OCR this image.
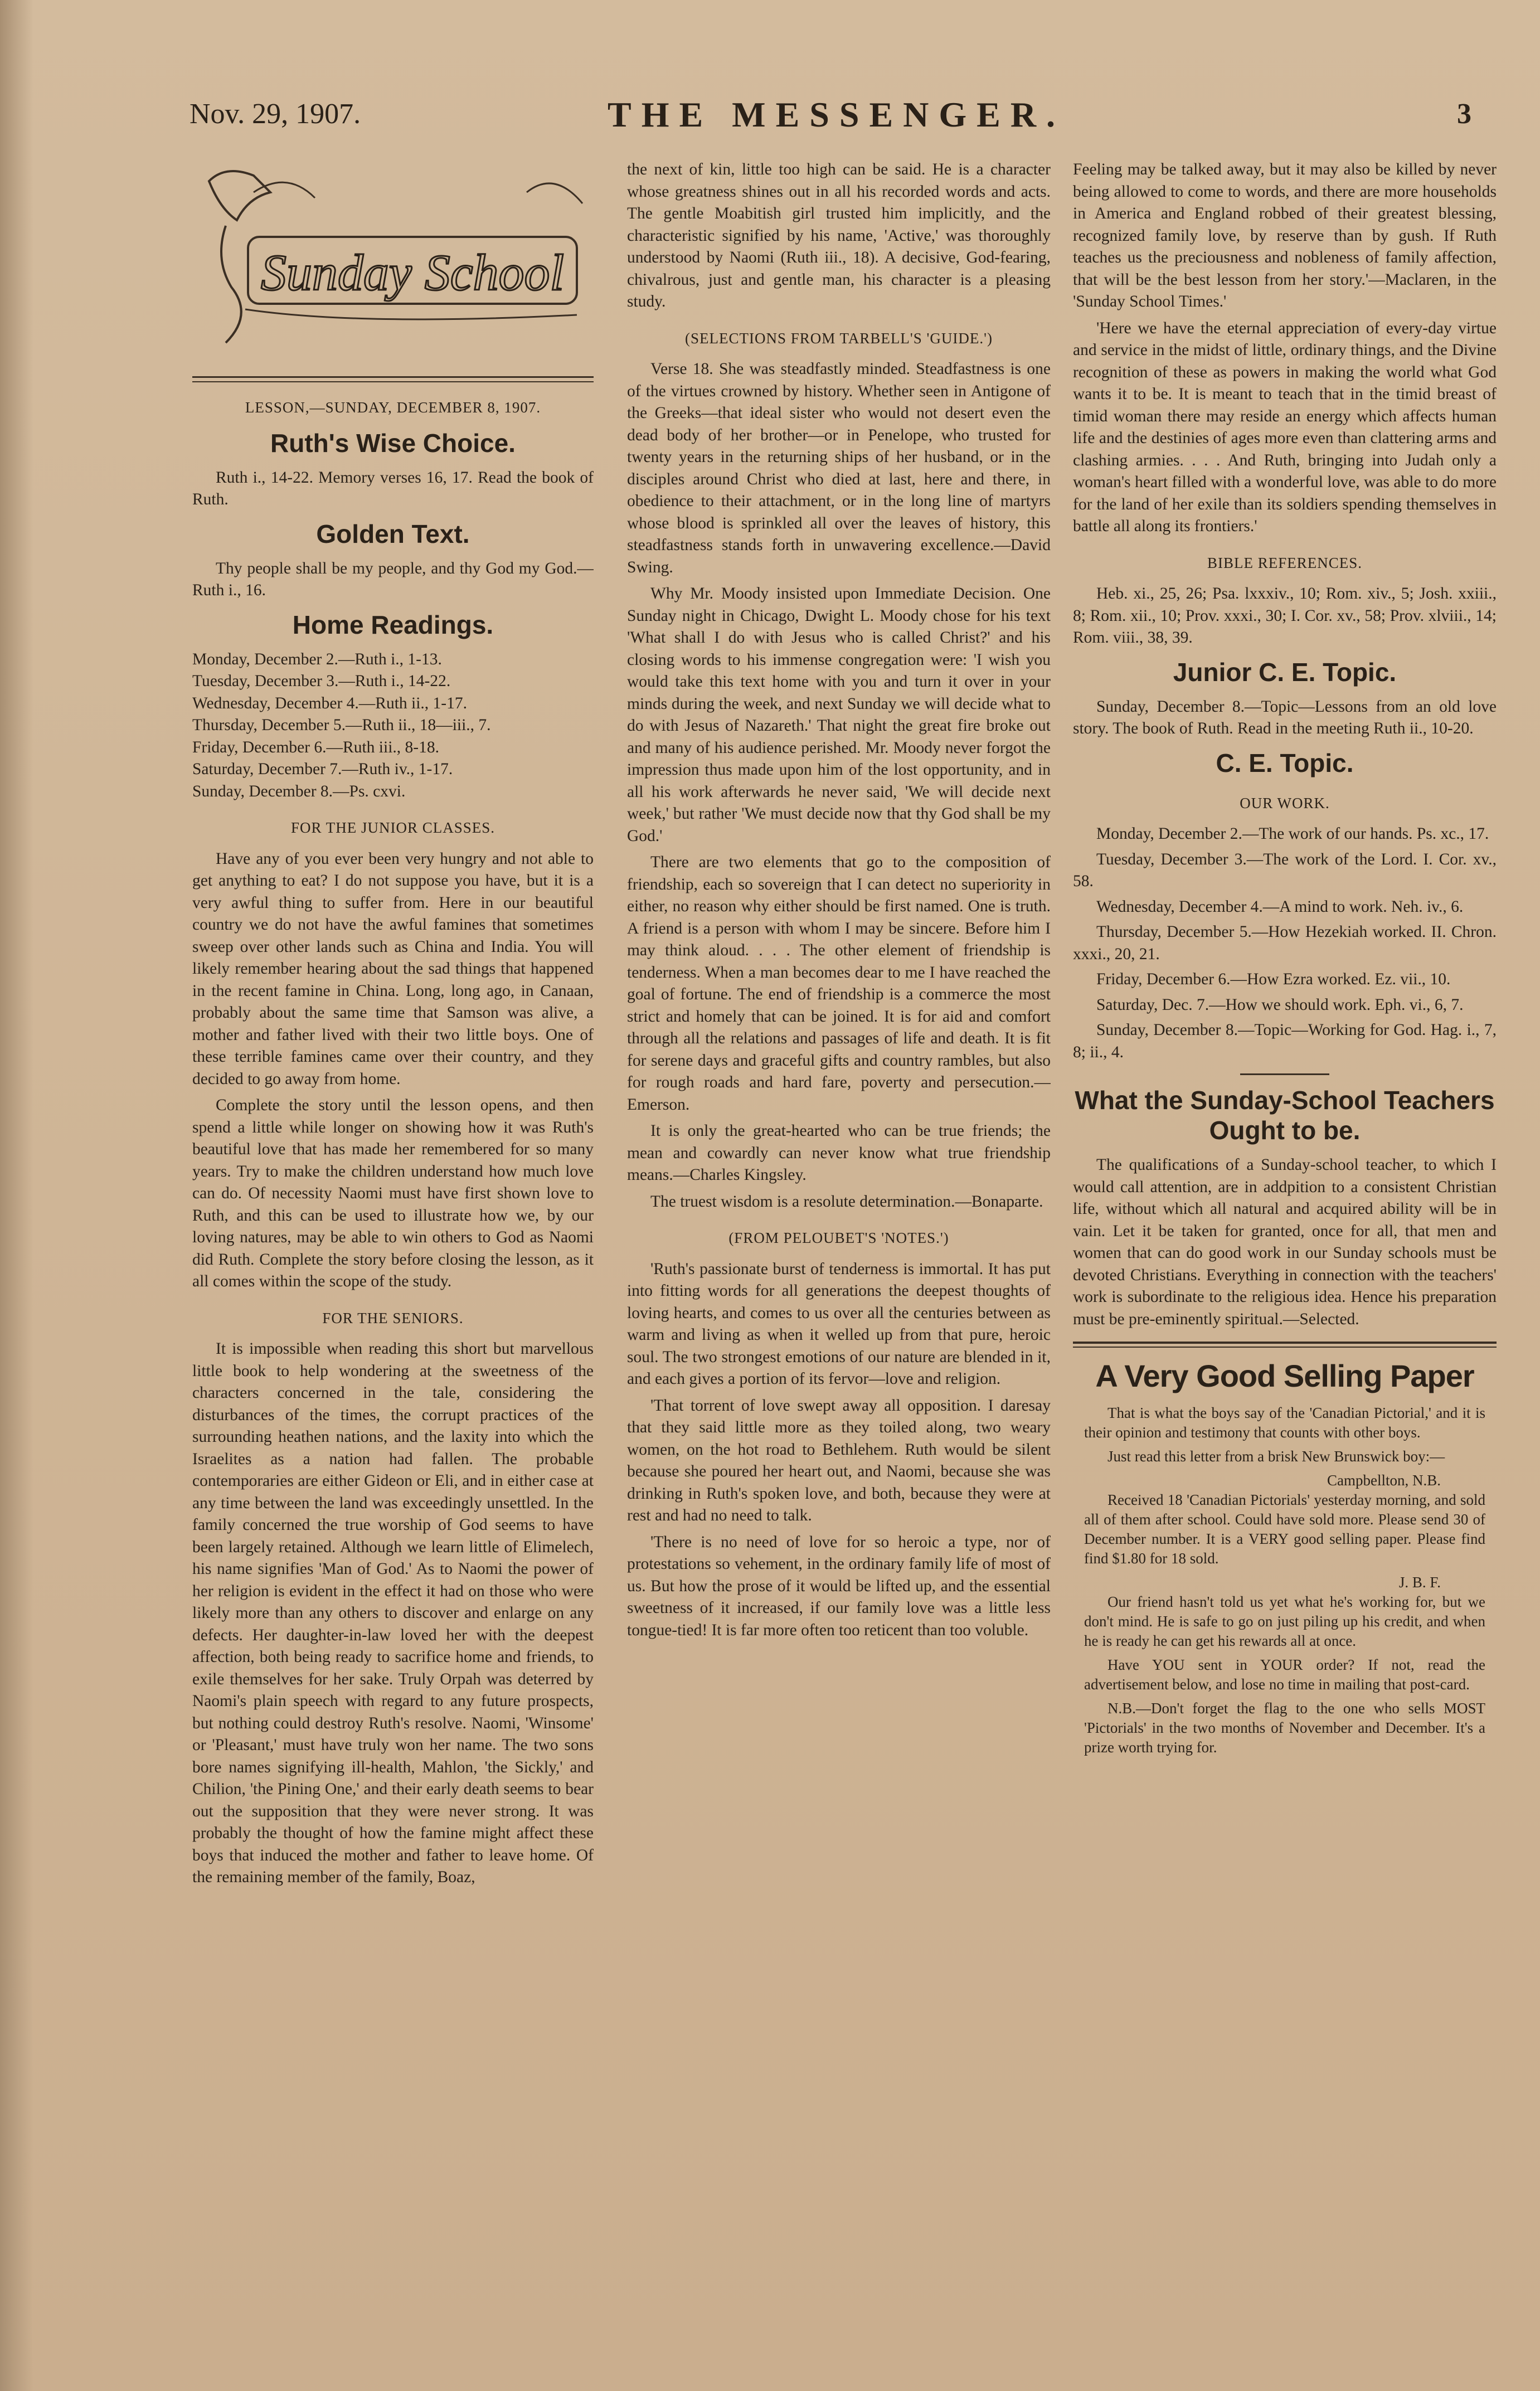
Nov. 29, 1907.	THE MESSENGER.	3
Sunday School
LESSON,—SUNDAY, DECEMBER 8, 1907.
Ruth's Wise Choice.

Ruth i., 14-22. Memory verses 16, 17. Read the book of Ruth.

Golden Text.

Thy people shall be my people, and thy God my God.—Ruth i., 16.

Home Readings.
Monday, December 2.—Ruth i., 1-13.
Tuesday, December 3.—Ruth i., 14-22.
Wednesday, December 4.—Ruth ii., 1-17.
Thursday, December 5.—Ruth ii., 18—iii., 7.
Friday, December 6.—Ruth iii., 8-18.
Saturday, December 7.—Ruth iv., 1-17.
Sunday, December 8.—Ps. cxvi.
FOR THE JUNIOR CLASSES.

Have any of you ever been very hungry and not able to get anything to eat? I do not suppose you have, but it is a very awful thing to suffer from. Here in our beautiful country we do not have the awful famines that sometimes sweep over other lands such as China and India. You will likely remember hearing about the sad things that happened in the recent famine in China. Long, long ago, in Canaan, probably about the same time that Samson was alive, a mother and father lived with their two little boys. One of these terrible famines came over their country, and they decided to go away from home.

Complete the story until the lesson opens, and then spend a little while longer on showing how it was Ruth's beautiful love that has made her remembered for so many years. Try to make the children understand how much love can do. Of necessity Naomi must have first shown love to Ruth, and this can be used to illustrate how we, by our loving natures, may be able to win others to God as Naomi did Ruth. Complete the story before closing the lesson, as it all comes within the scope of the study.

FOR THE SENIORS.

It is impossible when reading this short but marvellous little book to help wondering at the sweetness of the characters concerned in the tale, considering the disturbances of the times, the corrupt practices of the surrounding heathen nations, and the laxity into which the Israelites as a nation had fallen. The probable contemporaries are either Gideon or Eli, and in either case at any time between the land was exceedingly unsettled. In the family concerned the true worship of God seems to have been largely retained. Although we learn little of Elimelech, his name signifies 'Man of God.' As to Naomi the power of her religion is evident in the effect it had on those who were likely more than any others to discover and enlarge on any defects. Her daughter-in-law loved her with the deepest affection, both being ready to sacrifice home and friends, to exile themselves for her sake. Truly Orpah was deterred by Naomi's plain speech with regard to any future prospects, but nothing could destroy Ruth's resolve. Naomi, 'Winsome' or 'Pleasant,' must have truly won her name. The two sons bore names signifying ill-health, Mahlon, 'the Sickly,' and Chilion, 'the Pining One,' and their early death seems to bear out the supposition that they were never strong. It was probably the thought of how the famine might affect these boys that induced the mother and father to leave home. Of the remaining member of the family, Boaz,

the next of kin, little too high can be said. He is a character whose greatness shines out in all his recorded words and acts. The gentle Moabitish girl trusted him implicitly, and the characteristic signified by his name, 'Active,' was thoroughly understood by Naomi (Ruth iii., 18). A decisive, God-fearing, chivalrous, just and gentle man, his character is a pleasing study.

(SELECTIONS FROM TARBELL'S 'GUIDE.')

Verse 18. She was steadfastly minded. Steadfastness is one of the virtues crowned by history. Whether seen in Antigone of the Greeks—that ideal sister who would not desert even the dead body of her brother—or in Penelope, who trusted for twenty years in the returning ships of her husband, or in the disciples around Christ who died at last, here and there, in obedience to their attachment, or in the long line of martyrs whose blood is sprinkled all over the leaves of history, this steadfastness stands forth in unwavering excellence.—David Swing.

Why Mr. Moody insisted upon Immediate Decision. One Sunday night in Chicago, Dwight L. Moody chose for his text 'What shall I do with Jesus who is called Christ?' and his closing words to his immense congregation were: 'I wish you would take this text home with you and turn it over in your minds during the week, and next Sunday we will decide what to do with Jesus of Nazareth.' That night the great fire broke out and many of his audience perished. Mr. Moody never forgot the impression thus made upon him of the lost opportunity, and in all his work afterwards he never said, 'We will decide next week,' but rather 'We must decide now that thy God shall be my God.'

There are two elements that go to the composition of friendship, each so sovereign that I can detect no superiority in either, no reason why either should be first named. One is truth. A friend is a person with whom I may be sincere. Before him I may think aloud. . . . The other element of friendship is tenderness. When a man becomes dear to me I have reached the goal of fortune. The end of friendship is a commerce the most strict and homely that can be joined. It is for aid and comfort through all the relations and passages of life and death. It is fit for serene days and graceful gifts and country rambles, but also for rough roads and hard fare, poverty and persecution.—Emerson.

It is only the great-hearted who can be true friends; the mean and cowardly can never know what true friendship means.—Charles Kingsley.

The truest wisdom is a resolute determination.—Bonaparte.

(FROM PELOUBET'S 'NOTES.')

'Ruth's passionate burst of tenderness is immortal. It has put into fitting words for all generations the deepest thoughts of loving hearts, and comes to us over all the centuries between as warm and living as when it welled up from that pure, heroic soul. The two strongest emotions of our nature are blended in it, and each gives a portion of its fervor—love and religion.

'That torrent of love swept away all opposition. I daresay that they said little more as they toiled along, two weary women, on the hot road to Bethlehem. Ruth would be silent because she poured her heart out, and Naomi, because she was drinking in Ruth's spoken love, and both, because they were at rest and had no need to talk.

'There is no need of love for so heroic a type, nor of protestations so vehement, in the ordinary family life of most of us. But how the prose of it would be lifted up, and the essential sweetness of it increased, if our family love was a little less tongue-tied! It is far more often too reticent than too voluble.

Feeling may be talked away, but it may also be killed by never being allowed to come to words, and there are more households in America and England robbed of their greatest blessing, recognized family love, by reserve than by gush. If Ruth teaches us the preciousness and nobleness of family affection, that will be the best lesson from her story.'—Maclaren, in the 'Sunday School Times.'

'Here we have the eternal appreciation of every-day virtue and service in the midst of little, ordinary things, and the Divine recognition of these as powers in making the world what God wants it to be. It is meant to teach that in the timid breast of timid woman there may reside an energy which affects human life and the destinies of ages more even than clattering arms and clashing armies. . . . And Ruth, bringing into Judah only a woman's heart filled with a wonderful love, was able to do more for the land of her exile than its soldiers spending themselves in battle all along its frontiers.'

BIBLE REFERENCES.

Heb. xi., 25, 26; Psa. lxxxiv., 10; Rom. xiv., 5; Josh. xxiii., 8; Rom. xii., 10; Prov. xxxi., 30; I. Cor. xv., 58; Prov. xlviii., 14; Rom. viii., 38, 39.

Junior C. E. Topic.

Sunday, December 8.—Topic—Lessons from an old love story. The book of Ruth. Read in the meeting Ruth ii., 10-20.

C. E. Topic.
OUR WORK.
Monday, December 2.—The work of our hands. Ps. xc., 17.
Tuesday, December 3.—The work of the Lord. I. Cor. xv., 58.
Wednesday, December 4.—A mind to work. Neh. iv., 6.
Thursday, December 5.—How Hezekiah worked. II. Chron. xxxi., 20, 21.
Friday, December 6.—How Ezra worked. Ez. vii., 10.
Saturday, Dec. 7.—How we should work. Eph. vi., 6, 7.
Sunday, December 8.—Topic—Working for God. Hag. i., 7, 8; ii., 4.
What the Sunday-School Teachers Ought to be.

The qualifications of a Sunday-school teacher, to which I would call attention, are in addpition to a consistent Christian life, without which all natural and acquired ability will be in vain. Let it be taken for granted, once for all, that men and women that can do good work in our Sunday schools must be devoted Christians. Everything in connection with the teachers' work is subordinate to the religious idea. Hence his preparation must be pre-eminently spiritual.—Selected.

A Very Good Selling Paper

That is what the boys say of the 'Canadian Pictorial,' and it is their opinion and testimony that counts with other boys.

Just read this letter from a brisk New Brunswick boy:—

Campbellton, N.B.

Received 18 'Canadian Pictorials' yesterday morning, and sold all of them after school. Could have sold more. Please send 30 of December number. It is a VERY good selling paper. Please find find $1.80 for 18 sold.

J. B. F.

Our friend hasn't told us yet what he's working for, but we don't mind. He is safe to go on just piling up his credit, and when he is ready he can get his rewards all at once.

Have YOU sent in YOUR order? If not, read the advertisement below, and lose no time in mailing that post-card.

N.B.—Don't forget the flag to the one who sells MOST 'Pictorials' in the two months of November and December. It's a prize worth trying for.
